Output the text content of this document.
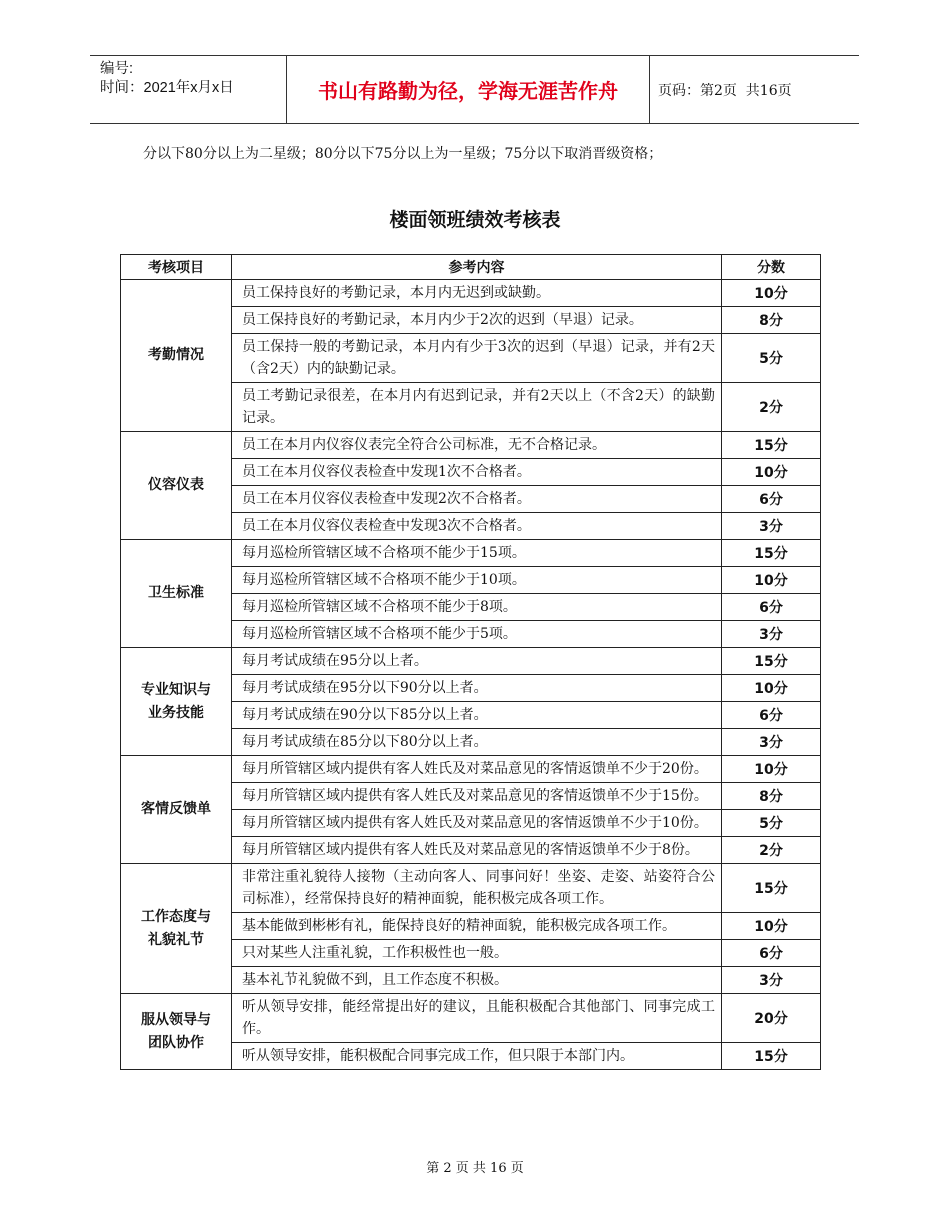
编号:
时间：2021年x月x日	书山有路勤为径，学海无涯苦作舟	页码：第2页  共16页
分以下80分以上为二星级；80分以下75分以上为一星级；75分以下取消晋级资格；
楼面领班绩效考核表
考核项目	参考内容	分数
考勤情况	员工保持良好的考勤记录，本月内无迟到或缺勤。	10分
	员工保持良好的考勤记录，本月内少于2次的迟到（早退）记录。	8分
	员工保持一般的考勤记录，本月内有少于3次的迟到（早退）记录，并有2天（含2天）内的缺勤记录。	5分
	员工考勤记录很差，在本月内有迟到记录，并有2天以上（不含2天）的缺勤记录。	2分
仪容仪表	员工在本月内仪容仪表完全符合公司标准，无不合格记录。	15分
	员工在本月仪容仪表检查中发现1次不合格者。	10分
	员工在本月仪容仪表检查中发现2次不合格者。	6分
	员工在本月仪容仪表检查中发现3次不合格者。	3分
卫生标准	每月巡检所管辖区域不合格项不能少于15项。	15分
	每月巡检所管辖区域不合格项不能少于10项。	10分
	每月巡检所管辖区域不合格项不能少于8项。	6分
	每月巡检所管辖区域不合格项不能少于5项。	3分
专业知识与
业务技能	每月考试成绩在95分以上者。	15分
	每月考试成绩在95分以下90分以上者。	10分
	每月考试成绩在90分以下85分以上者。	6分
	每月考试成绩在85分以下80分以上者。	3分
客情反馈单	每月所管辖区域内提供有客人姓氏及对菜品意见的客情返馈单不少于20份。	10分
	每月所管辖区域内提供有客人姓氏及对菜品意见的客情返馈单不少于15份。	8分
	每月所管辖区域内提供有客人姓氏及对菜品意见的客情返馈单不少于10份。	5分
	每月所管辖区域内提供有客人姓氏及对菜品意见的客情返馈单不少于8份。	2分
工作态度与
礼貌礼节	非常注重礼貌待人接物（主动向客人、同事问好！坐姿、走姿、站姿符合公司标准），经常保持良好的精神面貌，能积极完成各项工作。	15分
	基本能做到彬彬有礼，能保持良好的精神面貌，能积极完成各项工作。	10分
	只对某些人注重礼貌，工作积极性也一般。	6分
	基本礼节礼貌做不到，且工作态度不积极。	3分
服从领导与
团队协作	听从领导安排，能经常提出好的建议，且能积极配合其他部门、同事完成工作。	20分
	听从领导安排，能积极配合同事完成工作，但只限于本部门内。	15分
第 2 页 共 16 页
